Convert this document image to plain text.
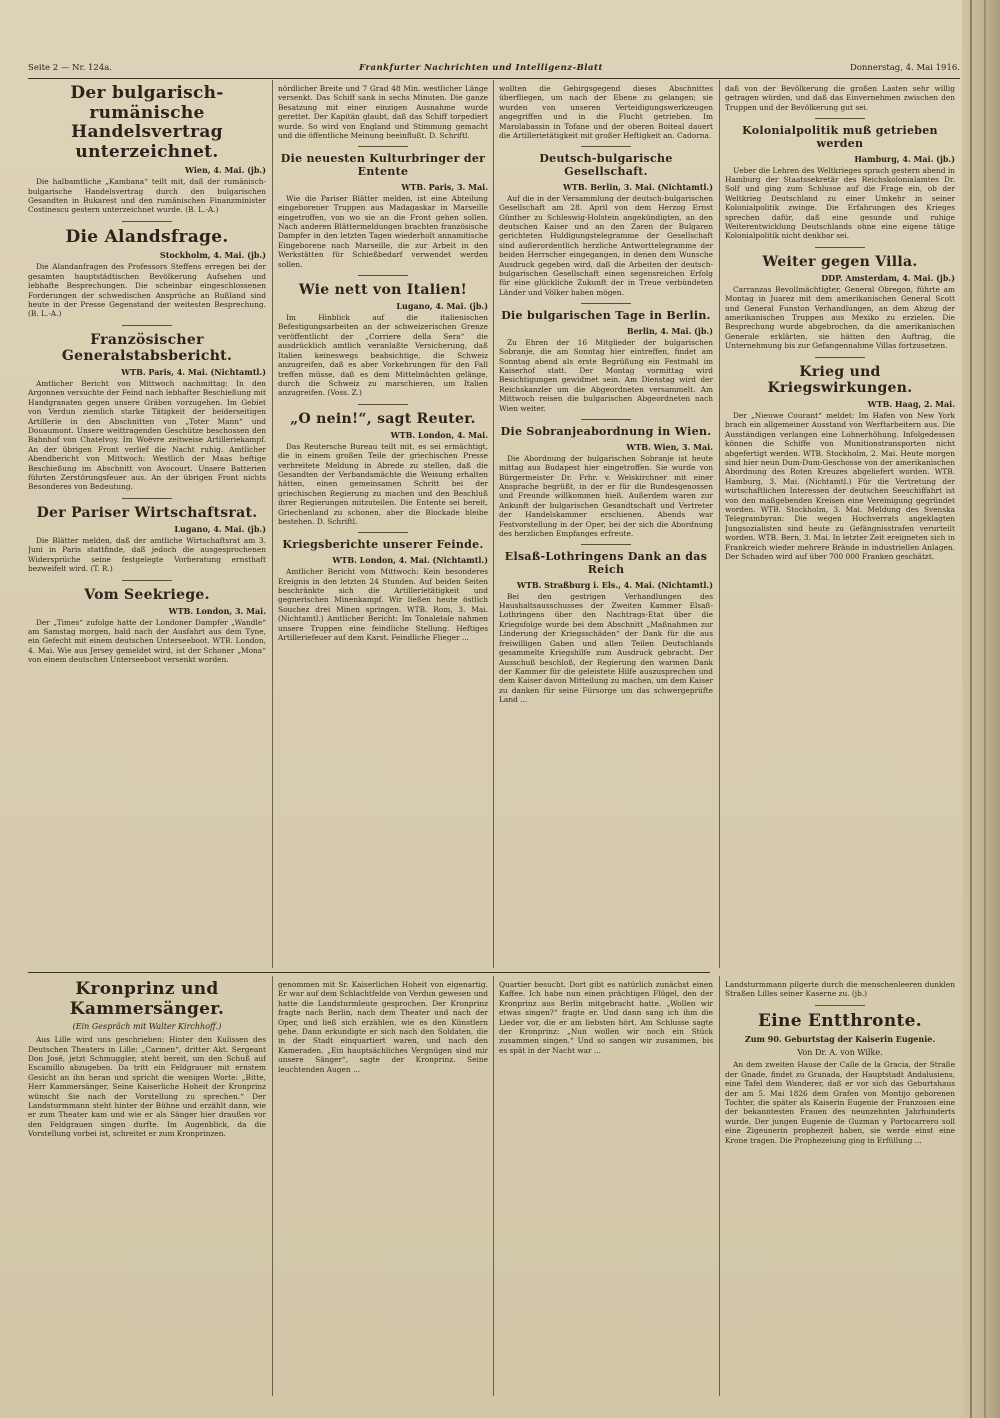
Seite 2 — Nr. 124a.	Frankfurter Nachrichten und Intelligenz-Blatt	Donnerstag, 4. Mai 1916.
Der bulgarisch-rumänische Handelsvertrag unterzeichnet.
Wien, 4. Mai. (jb.)

Die halbamtliche „Kambana“ teilt mit, daß der rumänisch-bulgarische Handelsvertrag durch den bulgarischen Gesandten in Bukarest und den rumänischen Finanzminister Costinescu gestern unterzeichnet wurde. (B. L.-A.)

Die Alandsfrage.
Stockholm, 4. Mai. (jb.)

Die Alandanfragen des Professors Steffens erregen bei der gesamten hauptstädtischen Bevölkerung Aufsehen und lebhafte Besprechungen. Die scheinbar eingeschlossenen Forderungen der schwedischen Ansprüche an Rußland sind heute in der Presse Gegenstand der weitesten Besprechung. (B. L.-A.)

Französischer Generalstabsbericht.
WTB. Paris, 4. Mai. (Nichtamtl.)

Amtlicher Bericht von Mittwoch nachmittag: In den Argonnen versuchte der Feind nach lebhafter Beschießung mit Handgranaten gegen unsere Gräben vorzugehen. Im Gebiet von Verdun ziemlich starke Tätigkeit der beiderseitigen Artillerie in den Abschnitten von „Toter Mann“ und Douaumont. Unsere weittragenden Geschütze beschossen den Bahnhof von Chatelvoy. Im Woëvre zeitweise Artilleriekampf. An der übrigen Front verlief die Nacht ruhig. Amtlicher Abendbericht von Mittwoch: Westlich der Maas heftige Beschießung im Abschnitt von Avocourt. Unsere Batterien führten Zerstörungsfeuer aus. An der übrigen Front nichts Besonderes von Bedeutung.

Der Pariser Wirtschaftsrat.
Lugano, 4. Mai. (jb.)

Die Blätter melden, daß der amtliche Wirtschaftsrat am 3. Juni in Paris stattfinde, daß jedoch die ausgesprochenen Widersprüche seine festgelegte Vorberatung ernsthaft bezweifelt wird. (T. R.)

Vom Seekriege.
WTB. London, 3. Mai.

Der „Times“ zufolge hatte der Londoner Dampfer „Wandle“ am Samstag morgen, bald nach der Ausfahrt aus dem Tyne, ein Gefecht mit einem deutschen Unterseeboot. WTB. London, 4. Mai. Wie aus Jersey gemeldet wird, ist der Schoner „Mona“ von einem deutschen Unterseeboot versenkt worden.

nördlicher Breite und 7 Grad 48 Min. westlicher Länge versenkt. Das Schiff sank in sechs Minuten. Die ganze Besatzung mit einer einzigen Ausnahme wurde gerettet. Der Kapitän glaubt, daß das Schiff torpediert wurde. So wird von England und Stimmung gemacht und die öffentliche Meinung beeinflußt. D. Schriftl.

Die neuesten Kulturbringer der Entente
WTB. Paris, 3. Mai.

Wie die Pariser Blätter melden, ist eine Abteilung eingeborener Truppen aus Madagaskar in Marseille eingetroffen, von wo sie an die Front gehen sollen. Nach anderen Blättermeldungen brachten französische Dampfer in den letzten Tagen wiederholt annamitische Eingeborene nach Marseille, die zur Arbeit in den Werkstätten für Schießbedarf verwendet werden sollen.

Wie nett von Italien!
Lugano, 4. Mai. (jb.)

Im Hinblick auf die italienischen Befestigungsarbeiten an der schweizerischen Grenze veröffentlicht der „Corriere della Sera“ die ausdrücklich amtlich veranlaßte Versicherung, daß Italien keineswegs beabsichtige, die Schweiz anzugreifen, daß es aber Vorkehrungen für den Fall treffen müsse, daß es dem Mittelmächten gelänge, durch die Schweiz zu marschieren, um Italien anzugreifen. (Voss. Z.)

„O nein!“, sagt Reuter.
WTB. London, 4. Mai.

Das Reutersche Bureau teilt mit, es sei ermächtigt, die in einem großen Teile der griechischen Presse verbreitete Meldung in Abrede zu stellen, daß die Gesandten der Verbandsmächte die Weisung erhalten hätten, einen gemeinsamen Schritt bei der griechischen Regierung zu machen und den Beschluß ihrer Regierungen mitzuteilen. Die Entente sei bereit, Griechenland zu schonen, aber die Blockade bleibe bestehen. D. Schriftl.

Kriegsberichte unserer Feinde.
WTB. London, 4. Mai. (Nichtamtl.)

Amtlicher Bericht vom Mittwoch: Kein besonderes Ereignis in den letzten 24 Stunden. Auf beiden Seiten beschränkte sich die Artillerietätigkeit und gegnerischen Minenkampf. Wir ließen heute östlich Souchez drei Minen springen. WTB. Rom, 3. Mai. (Nichtamtl.) Amtlicher Bericht: Im Tonaletale nahmen unsere Truppen eine feindliche Stellung. Heftiges Artilleriefeuer auf dem Karst. Feindliche Flieger ...

wollten die Gebirgsgegend dieses Abschnittes überfliegen, um nach der Ebene zu gelangen; sie wurden von unseren Verteidigungswerkzeugen angegriffen und in die Flucht getrieben. Im Marolabassin in Tofane und der oberen Boiteal dauert die Artillerietätigkeit mit großer Heftigkeit an. Cadorna.

Deutsch-bulgarische Gesellschaft.
WTB. Berlin, 3. Mai. (Nichtamtl.)

Auf die in der Versammlung der deutsch-bulgarischen Gesellschaft am 28. April von dem Herzog Ernst Günther zu Schleswig-Holstein angekündigten, an den deutschen Kaiser und an den Zaren der Bulgaren gerichteten Huldigungstelegramme der Gesellschaft sind außerordentlich herzliche Antworttelegramme der beiden Herrscher eingegangen, in denen dem Wunsche Ausdruck gegeben wird, daß die Arbeiten der deutsch-bulgarischen Gesellschaft einen segensreichen Erfolg für eine glückliche Zukunft der in Treue verbündeten Länder und Völker haben mögen.

Die bulgarischen Tage in Berlin.
Berlin, 4. Mai. (jb.)

Zu Ehren der 16 Mitglieder der bulgarischen Sobranje, die am Sonntag hier eintreffen, findet am Sonntag abend als erste Begrüßung ein Festmahl im Kaiserhof statt. Der Montag vormittag wird Besichtigungen gewidmet sein. Am Dienstag wird der Reichskanzler um die Abgeordneten versammelt. Am Mittwoch reisen die bulgarischen Abgeordneten nach Wien weiter.

Die Sobranjeabordnung in Wien.
WTB. Wien, 3. Mai.

Die Abordnung der bulgarischen Sobranje ist heute mittag aus Budapest hier eingetroffen. Sie wurde von Bürgermeister Dr. Frhr. v. Weiskirchner mit einer Ansprache begrüßt, in der er für die Bundesgenossen und Freunde willkommen hieß. Außerdem waren zur Ankunft der bulgarischen Gesandtschaft und Vertreter der Handelskammer erschienen. Abends war Festvorstellung in der Oper, bei der sich die Abordnung des herzlichen Empfanges erfreute.

Elsaß-Lothringens Dank an das Reich
WTB. Straßburg i. Els., 4. Mai. (Nichtamtl.)

Bei den gestrigen Verhandlungen des Haushaltsausschusses der Zweiten Kammer Elsaß-Lothringens über den Nachtrags-Etat über die Kriegsfolge wurde bei dem Abschnitt „Maßnahmen zur Linderung der Kriegsschäden“ der Dank für die aus freiwilligen Gaben und allen Teilen Deutschlands gesammelte Kriegshilfe zum Ausdruck gebracht. Der Ausschuß beschloß, der Regierung den warmen Dank der Kammer für die geleistete Hilfe auszusprechen und dem Kaiser davon Mitteilung zu machen, um dem Kaiser zu danken für seine Fürsorge um das schwergeprüfte Land ...

daß von der Bevölkerung die großen Lasten sehr willig getragen würden, und daß das Einvernehmen zwischen den Truppen und der Bevölkerung gut sei.

Kolonialpolitik muß getrieben werden
Hamburg, 4. Mai. (jb.)

Ueber die Lehren des Weltkrieges sprach gestern abend in Hamburg der Staatssekretär des Reichskolonialamtes Dr. Solf und ging zum Schlusse auf die Frage ein, ob der Weltkrieg Deutschland zu einer Umkehr in seiner Kolonialpolitik zwinge. Die Erfahrungen des Krieges sprechen dafür, daß eine gesunde und ruhige Weiterentwicklung Deutschlands ohne eine eigene tätige Kolonialpolitik nicht denkbar sei.

Weiter gegen Villa.
DDP. Amsterdam, 4. Mai. (jb.)

Carranzas Bevollmächtigter, General Obregon, führte am Montag in Juarez mit dem amerikanischen General Scott und General Funston Verhandlungen, an dem Abzug der amerikanischen Truppen aus Mexiko zu erzielen. Die Besprechung wurde abgebrochen, da die amerikanischen Generale erklärten, sie hätten den Auftrag, die Unternehmung bis zur Gefangennahme Villas fortzusetzen.

Krieg und Kriegswirkungen.
WTB. Haag, 2. Mai.

Der „Nieuwe Courant“ meldet: Im Hafen von New York brach ein allgemeiner Ausstand von Werftarbeitern aus. Die Ausständigen verlangen eine Lohnerhöhung. Infolgedessen können die Schiffe von Munitionstransporten nicht abgefertigt werden. WTB. Stockholm, 2. Mai. Heute morgen sind hier neun Dum-Dum-Geschosse von der amerikanischen Abordnung des Roten Kreuzes abgeliefert worden. WTB. Hamburg, 3. Mai. (Nichtamtl.) Für die Vertretung der wirtschaftlichen Interessen der deutschen Seeschiffahrt ist von den maßgebenden Kreisen eine Vereinigung gegründet worden. WTB. Stockholm, 3. Mai. Meldung des Svenska Telegrambyran: Die wegen Hochverrats angeklagten Jungsozialisten sind heute zu Gefängnisstrafen verurteilt worden. WTB. Bern, 3. Mai. In letzter Zeit ereigneten sich in Frankreich wieder mehrere Brände in industriellen Anlagen. Der Schaden wird auf über 700 000 Franken geschätzt.

Kronprinz und Kammersänger.
(Ein Gespräch mit Walter Kirchhoff.)

Aus Lille wird uns geschrieben: Hinter den Kulissen des Deutschen Theaters in Lille: „Carmen“, dritter Akt. Sergeant Don José, jetzt Schmuggler, steht bereit, um den Schuß auf Escamillo abzugeben. Da tritt ein Feldgrauer mit ernstem Gesicht an ihn heran und spricht die wenigen Worte: „Bitte, Herr Kammersänger, Seine Kaiserliche Hoheit der Kronprinz wünscht Sie nach der Vorstellung zu sprechen.“ Der Landsturmmann steht hinter der Bühne und erzählt dann, wie er zum Theater kam und wie er als Sänger hier draußen vor den Feldgrauen singen durfte. Im Augenblick, da die Vorstellung vorbei ist, schreitet er zum Kronprinzen.

genommen mit Sr. Kaiserlichen Hoheit von eigenartig. Er war auf dem Schlachtfelde von Verdun gewesen und hatte die Landsturmleute gesprochen. Der Kronprinz fragte nach Berlin, nach dem Theater und nach der Oper, und ließ sich erzählen, wie es den Künstlern gehe. Dann erkundigte er sich nach den Soldaten, die in der Stadt einquartiert waren, und nach den Kameraden. „Ein hauptsächliches Vergnügen sind mir unsere Sänger“, sagte der Kronprinz. Seine leuchtenden Augen ...

Quartier besucht. Dort gibt es natürlich zunächst einen Kaffee. Ich habe nun einen prächtigen Flügel, den der Kronprinz aus Berlin mitgebracht hatte. „Wollen wir etwas singen?“ fragte er. Und dann sang ich ihm die Lieder vor, die er am liebsten hört. Am Schlusse sagte der Kronprinz: „Nun wollen wir noch ein Stück zusammen singen.“ Und so sangen wir zusammen, bis es spät in der Nacht war ...

Landsturmmann pilgerte durch die menschenleeren dunklen Straßen Lilles seiner Kaserne zu. (jb.)

Eine Entthronte.
Zum 90. Geburtstag der Kaiserin Eugenie.
Von Dr. A. von Wilke.

An dem zweiten Hause der Calle de la Gracia, der Straße der Gnade, findet zu Granada, der Hauptstadt Andalusiens, eine Tafel dem Wanderer, daß er vor sich das Geburtshaus der am 5. Mai 1826 dem Grafen von Montijo geborenen Tochter, die später als Kaiserin Eugenie der Franzosen eine der bekanntesten Frauen des neunzehnten Jahrhunderts wurde. Der jungen Eugenie de Guzman y Portocarrero soll eine Zigeunerin prophezeit haben, sie werde einst eine Krone tragen. Die Prophezeiung ging in Erfüllung ...
